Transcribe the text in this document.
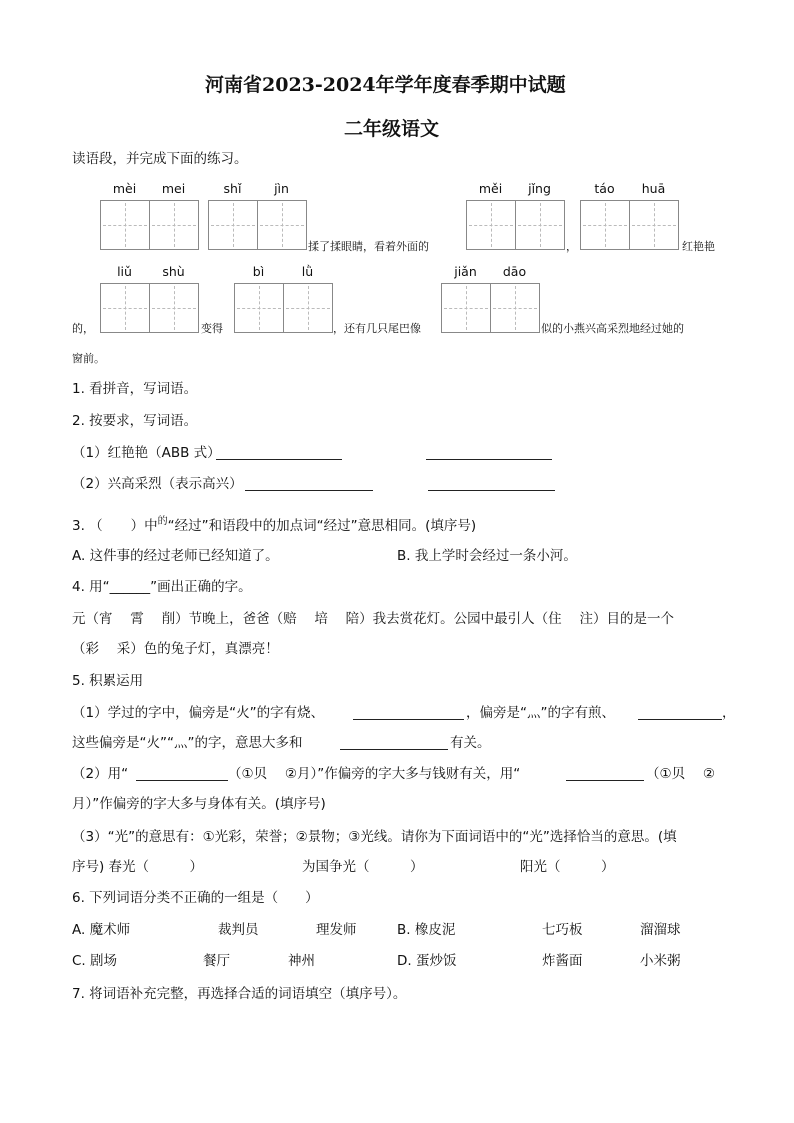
河南省2023-2024年学年度春季期中试题
二年级语文
读语段，并完成下面的练习。
mèi	mei	shǐ	jìn	měi	jǐng	táo	huā
揉了揉眼睛，看着外面的	，	红艳艳
liǔ	shù	bì	lǜ	jiǎn	dāo
的，	变得	，还有几只尾巴像	似的小燕兴高采烈地经过她的
窗前。
1. 看拼音，写词语。
2. 按要求，写词语。
（1）红艳艳（ABB 式）
（2）兴高采烈（表示高兴）
3. （ ）中$^的$“经过”和语段中的加点词“经过”意思相同。(填序号)
A. 这件事的经过老师已经知道了。	B. 我上学时会经过一条小河。
4. 用“______”画出正确的字。
元（宵　 霄　 削）节晚上，爸爸（赔　 培　 陪）我去赏花灯。公园中最引人（住　 注）目的是一个
（彩　 采）色的兔子灯，真漂亮！
5. 积累运用
（1）学过的字中，偏旁是“火”的字有烧、	，偏旁是“灬”的字有煎、	，
这些偏旁是“火”“灬”的字，意思大多和	有关。
（2）用“	（①贝　 ②月）”作偏旁的字大多与钱财有关，用“	（①贝　 ②
月）”作偏旁的字大多与身体有关。(填序号)
（3）“光”的意思有：①光彩，荣誉；②景物；③光线。请你为下面词语中的“光”选择恰当的意思。(填
序号) 春光（　　　）	为国争光（　　　）	阳光（　　　）
6. 下列词语分类不正确的一组是（　　）
A. 魔术师	裁判员	理发师	B. 橡皮泥	七巧板	溜溜球
C. 剧场	餐厅	神州	D. 蛋炒饭	炸酱面	小米粥
7. 将词语补充完整，再选择合适的词语填空（填序号）。
